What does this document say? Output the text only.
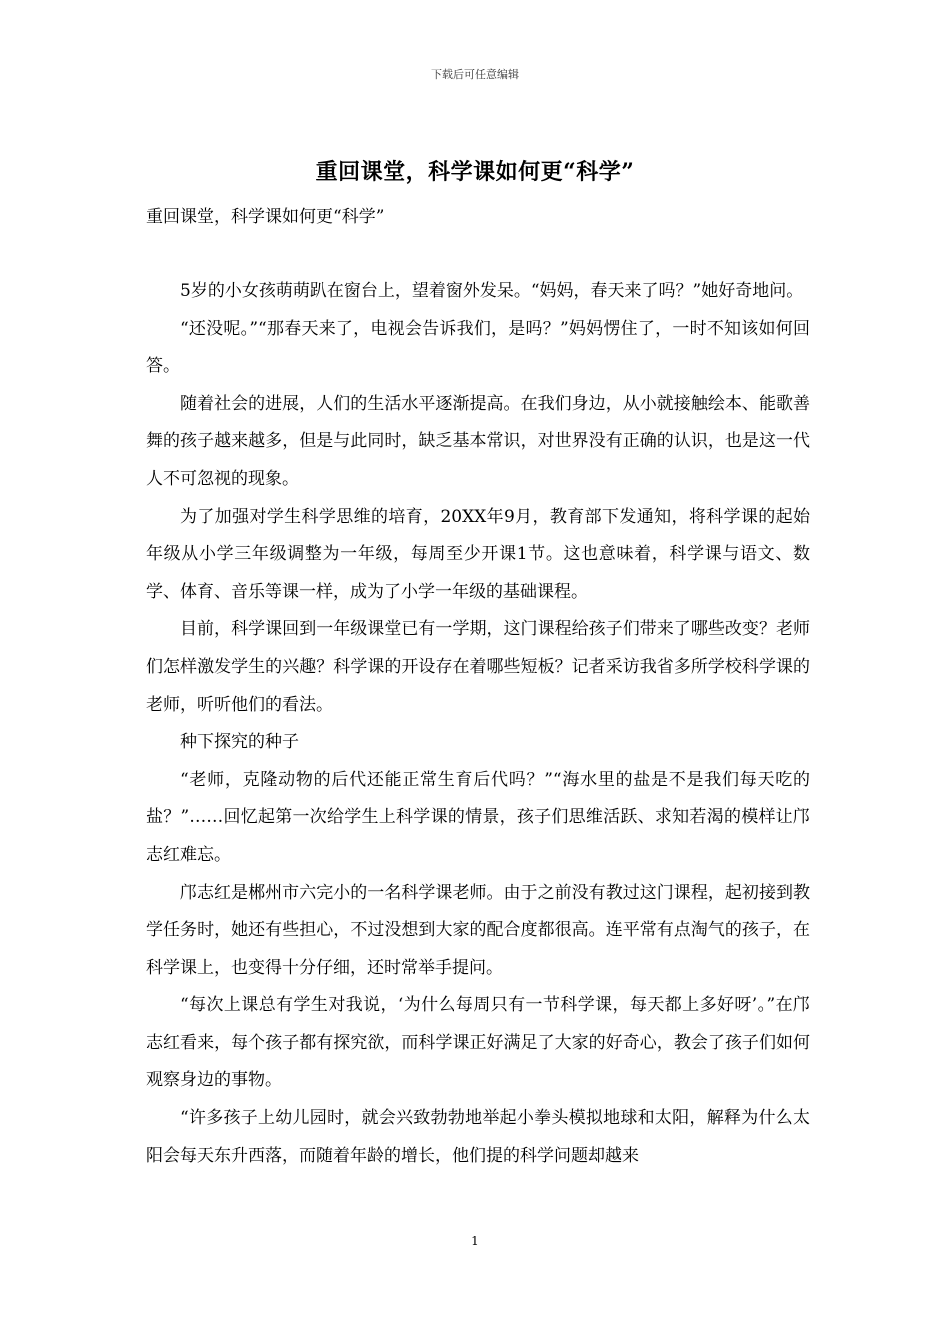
下载后可任意编辑
重回课堂，科学课如何更“科学”
重回课堂，科学课如何更“科学”

5岁的小女孩萌萌趴在窗台上，望着窗外发呆。“妈妈，春天来了吗？”她好奇地问。

“还没呢。”“那春天来了，电视会告诉我们，是吗？”妈妈愣住了，一时不知该如何回答。

随着社会的进展，人们的生活水平逐渐提高。在我们身边，从小就接触绘本、能歌善舞的孩子越来越多，但是与此同时，缺乏基本常识，对世界没有正确的认识，也是这一代人不可忽视的现象。

为了加强对学生科学思维的培育，20XX年9月，教育部下发通知，将科学课的起始年级从小学三年级调整为一年级，每周至少开课1节。这也意味着，科学课与语文、数学、体育、音乐等课一样，成为了小学一年级的基础课程。

目前，科学课回到一年级课堂已有一学期，这门课程给孩子们带来了哪些改变？老师们怎样激发学生的兴趣？科学课的开设存在着哪些短板？记者采访我省多所学校科学课的老师，听听他们的看法。

种下探究的种子

“老师，克隆动物的后代还能正常生育后代吗？”“海水里的盐是不是我们每天吃的盐？”……回忆起第一次给学生上科学课的情景，孩子们思维活跃、求知若渴的模样让邝志红难忘。

邝志红是郴州市六完小的一名科学课老师。由于之前没有教过这门课程，起初接到教学任务时，她还有些担心，不过没想到大家的配合度都很高。连平常有点淘气的孩子，在科学课上，也变得十分仔细，还时常举手提问。

“每次上课总有学生对我说，‘为什么每周只有一节科学课，每天都上多好呀’。”在邝志红看来，每个孩子都有探究欲，而科学课正好满足了大家的好奇心，教会了孩子们如何观察身边的事物。

“许多孩子上幼儿园时，就会兴致勃勃地举起小拳头模拟地球和太阳，解释为什么太阳会每天东升西落，而随着年龄的增长，他们提的科学问题却越来

1
